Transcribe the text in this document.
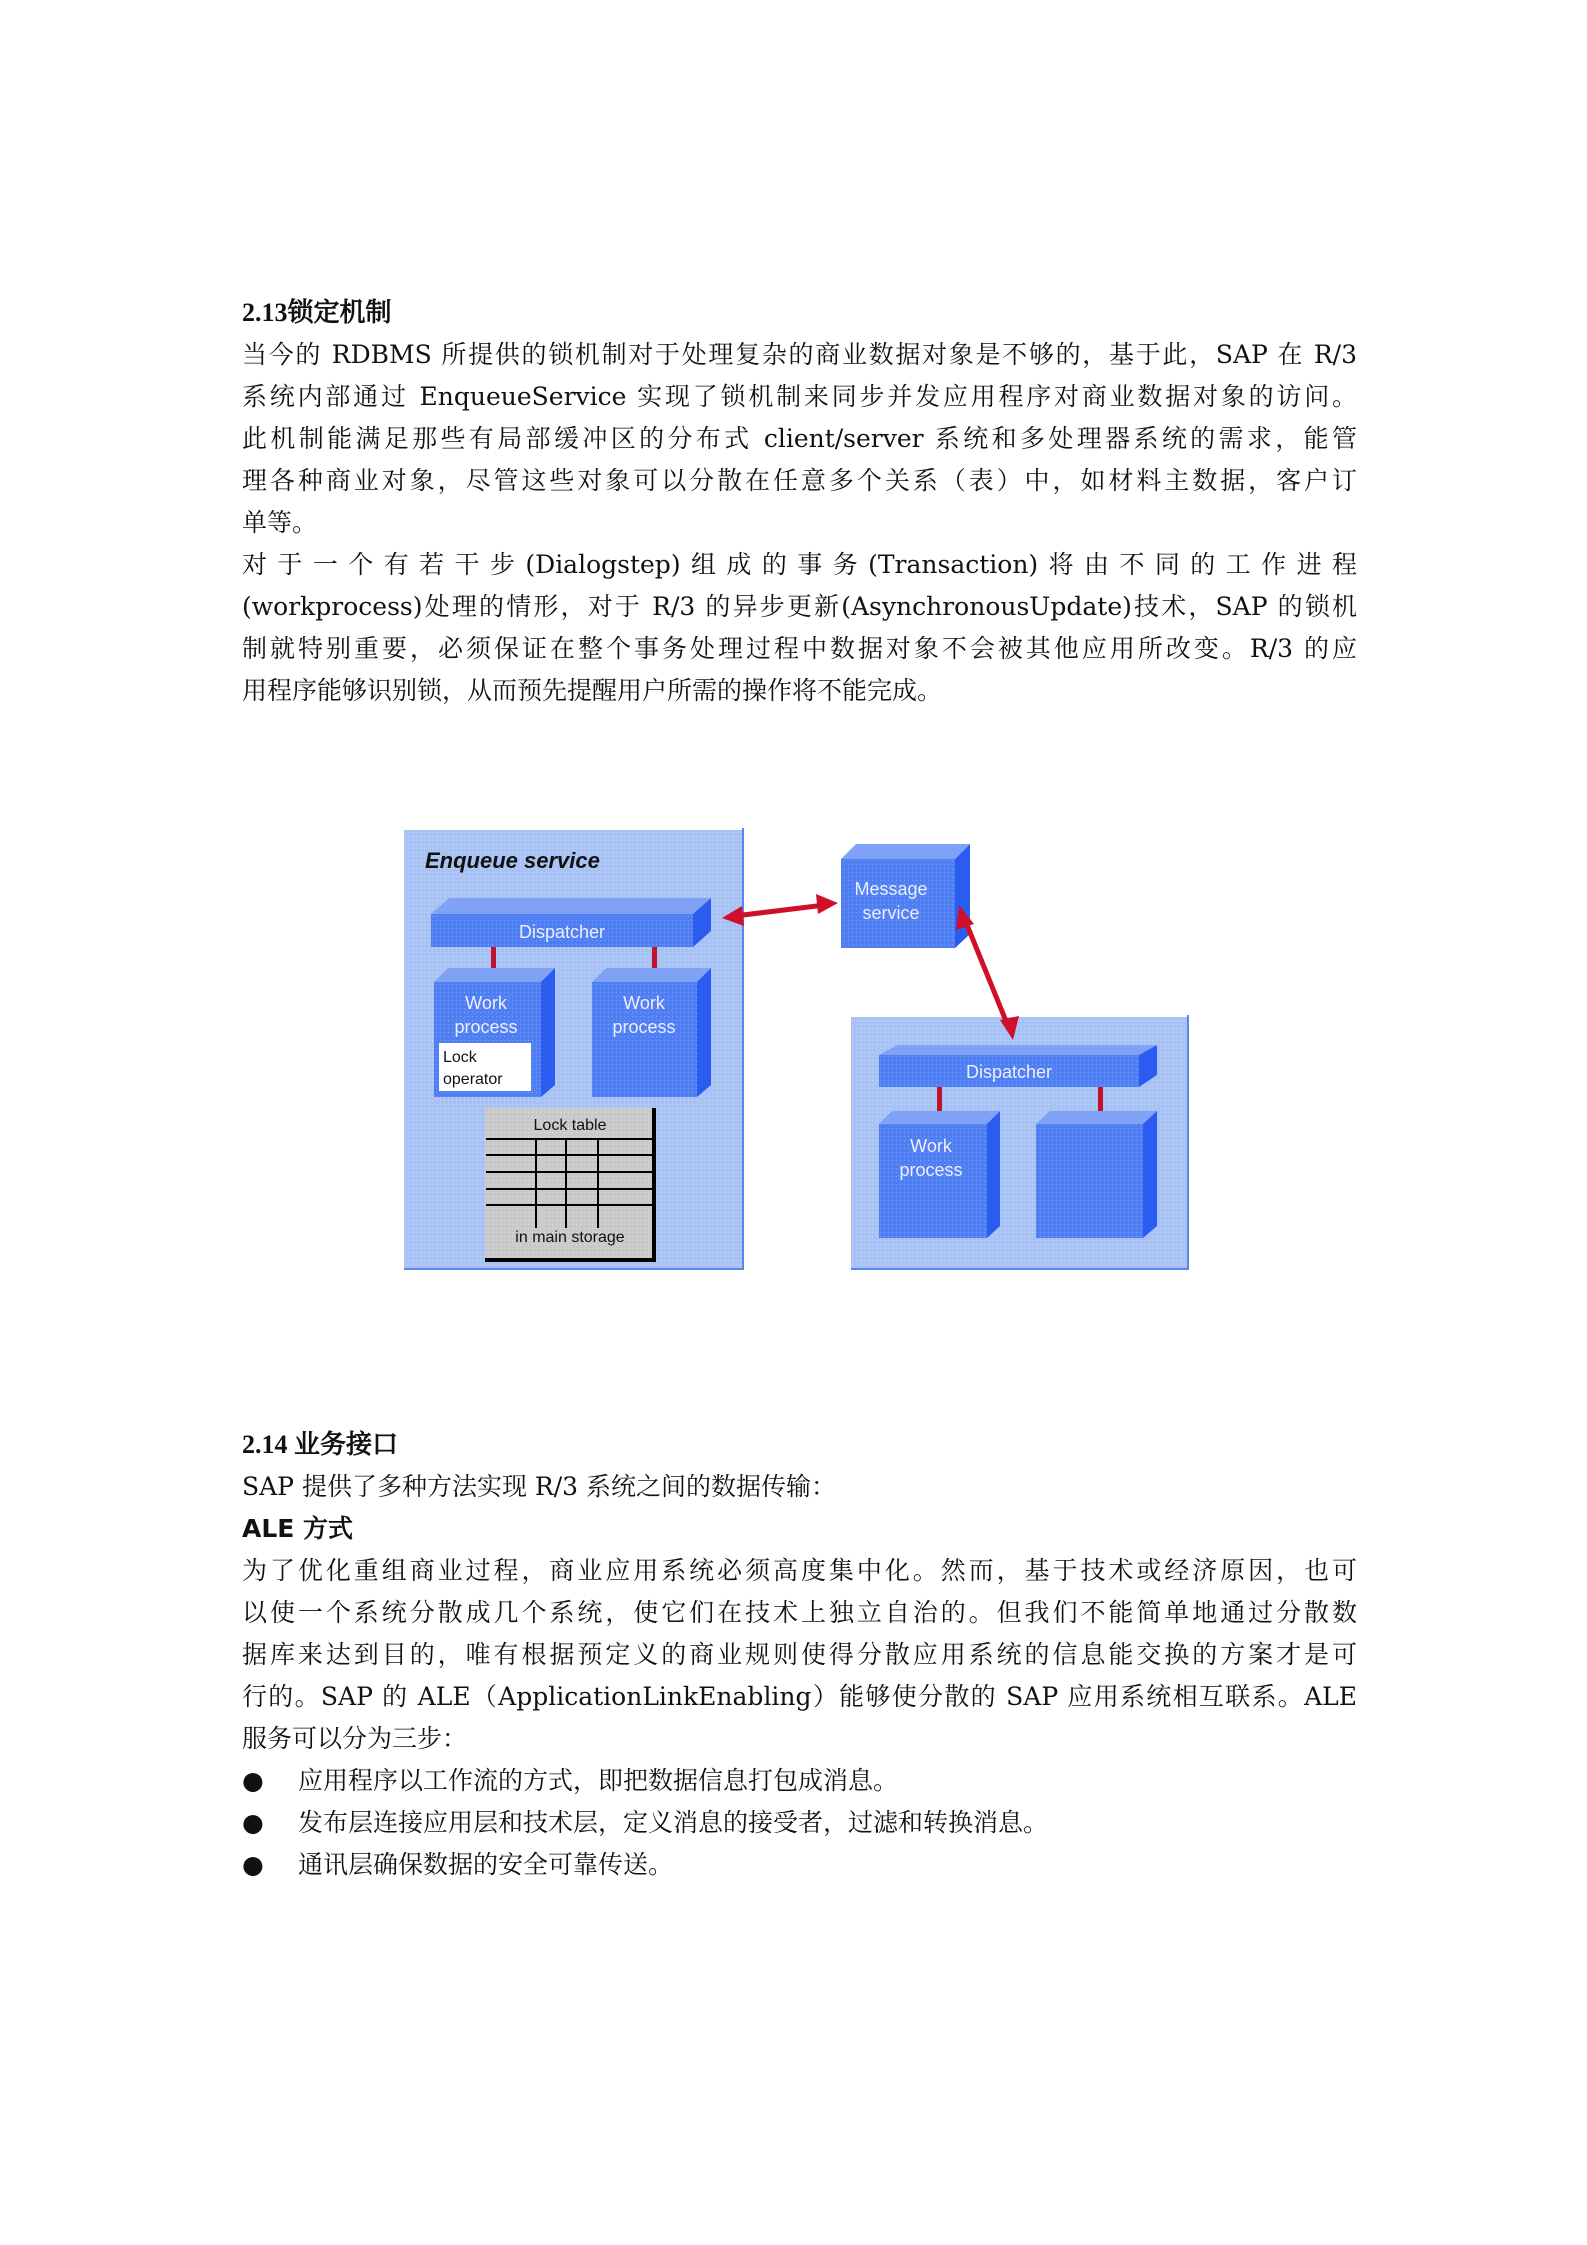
2.13锁定机制
当今的 RDBMS 所提供的锁机制对于处理复杂的商业数据对象是不够的，基于此，SAP 在 R/3
系统内部通过 EnqueueService 实现了锁机制来同步并发应用程序对商业数据对象的访问。
此机制能满足那些有局部缓冲区的分布式 client/server 系统和多处理器系统的需求，能管
理各种商业对象，尽管这些对象可以分散在任意多个关系（表）中，如材料主数据，客户订
单等。
对于一个有若干步(Dialogstep)组成的事务(Transaction)将由不同的工作进程
(workprocess)处理的情形，对于 R/3 的异步更新(AsynchronousUpdate)技术，SAP 的锁机
制就特别重要，必须保证在整个事务处理过程中数据对象不会被其他应用所改变。R/3 的应
用程序能够识别锁，从而预先提醒用户所需的操作将不能完成。
Enqueue service
Dispatcher
Work
process
Lock
operator
Work
process
Lock table
in main storage
Message
service
Dispatcher
Work
process
2.14 业务接口
SAP 提供了多种方法实现 R/3 系统之间的数据传输：
ALE 方式
为了优化重组商业过程，商业应用系统必须高度集中化。然而，基于技术或经济原因，也可
以使一个系统分散成几个系统，使它们在技术上独立自治的。但我们不能简单地通过分散数
据库来达到目的，唯有根据预定义的商业规则使得分散应用系统的信息能交换的方案才是可
行的。SAP 的 ALE（ApplicationLinkEnabling）能够使分散的 SAP 应用系统相互联系。ALE
服务可以分为三步：
● 应用程序以工作流的方式，即把数据信息打包成消息。
● 发布层连接应用层和技术层，定义消息的接受者，过滤和转换消息。
● 通讯层确保数据的安全可靠传送。
